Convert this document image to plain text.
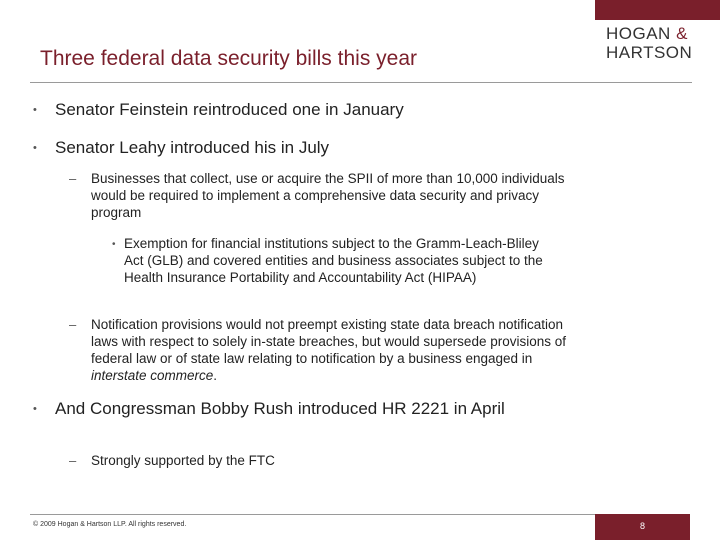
HOGAN &
HARTSON
Three federal data security bills this year
• Senator Feinstein reintroduced one in January
• Senator Leahy introduced his in July
– Businesses that collect, use or acquire the SPII of more than 10,000 individuals would be required to implement a comprehensive data security and privacy program
• Exemption for financial institutions subject to the Gramm-Leach-Bliley Act (GLB) and covered entities and business associates subject to the Health Insurance Portability and Accountability Act (HIPAA)
– Notification provisions would not preempt existing state data breach notification laws with respect to solely in-state breaches, but would supersede provisions of federal law or of state law relating to notification by a business engaged in interstate commerce.
• And Congressman Bobby Rush introduced HR 2221 in April
– Strongly supported by the FTC
© 2009 Hogan & Hartson LLP. All rights reserved.	8
